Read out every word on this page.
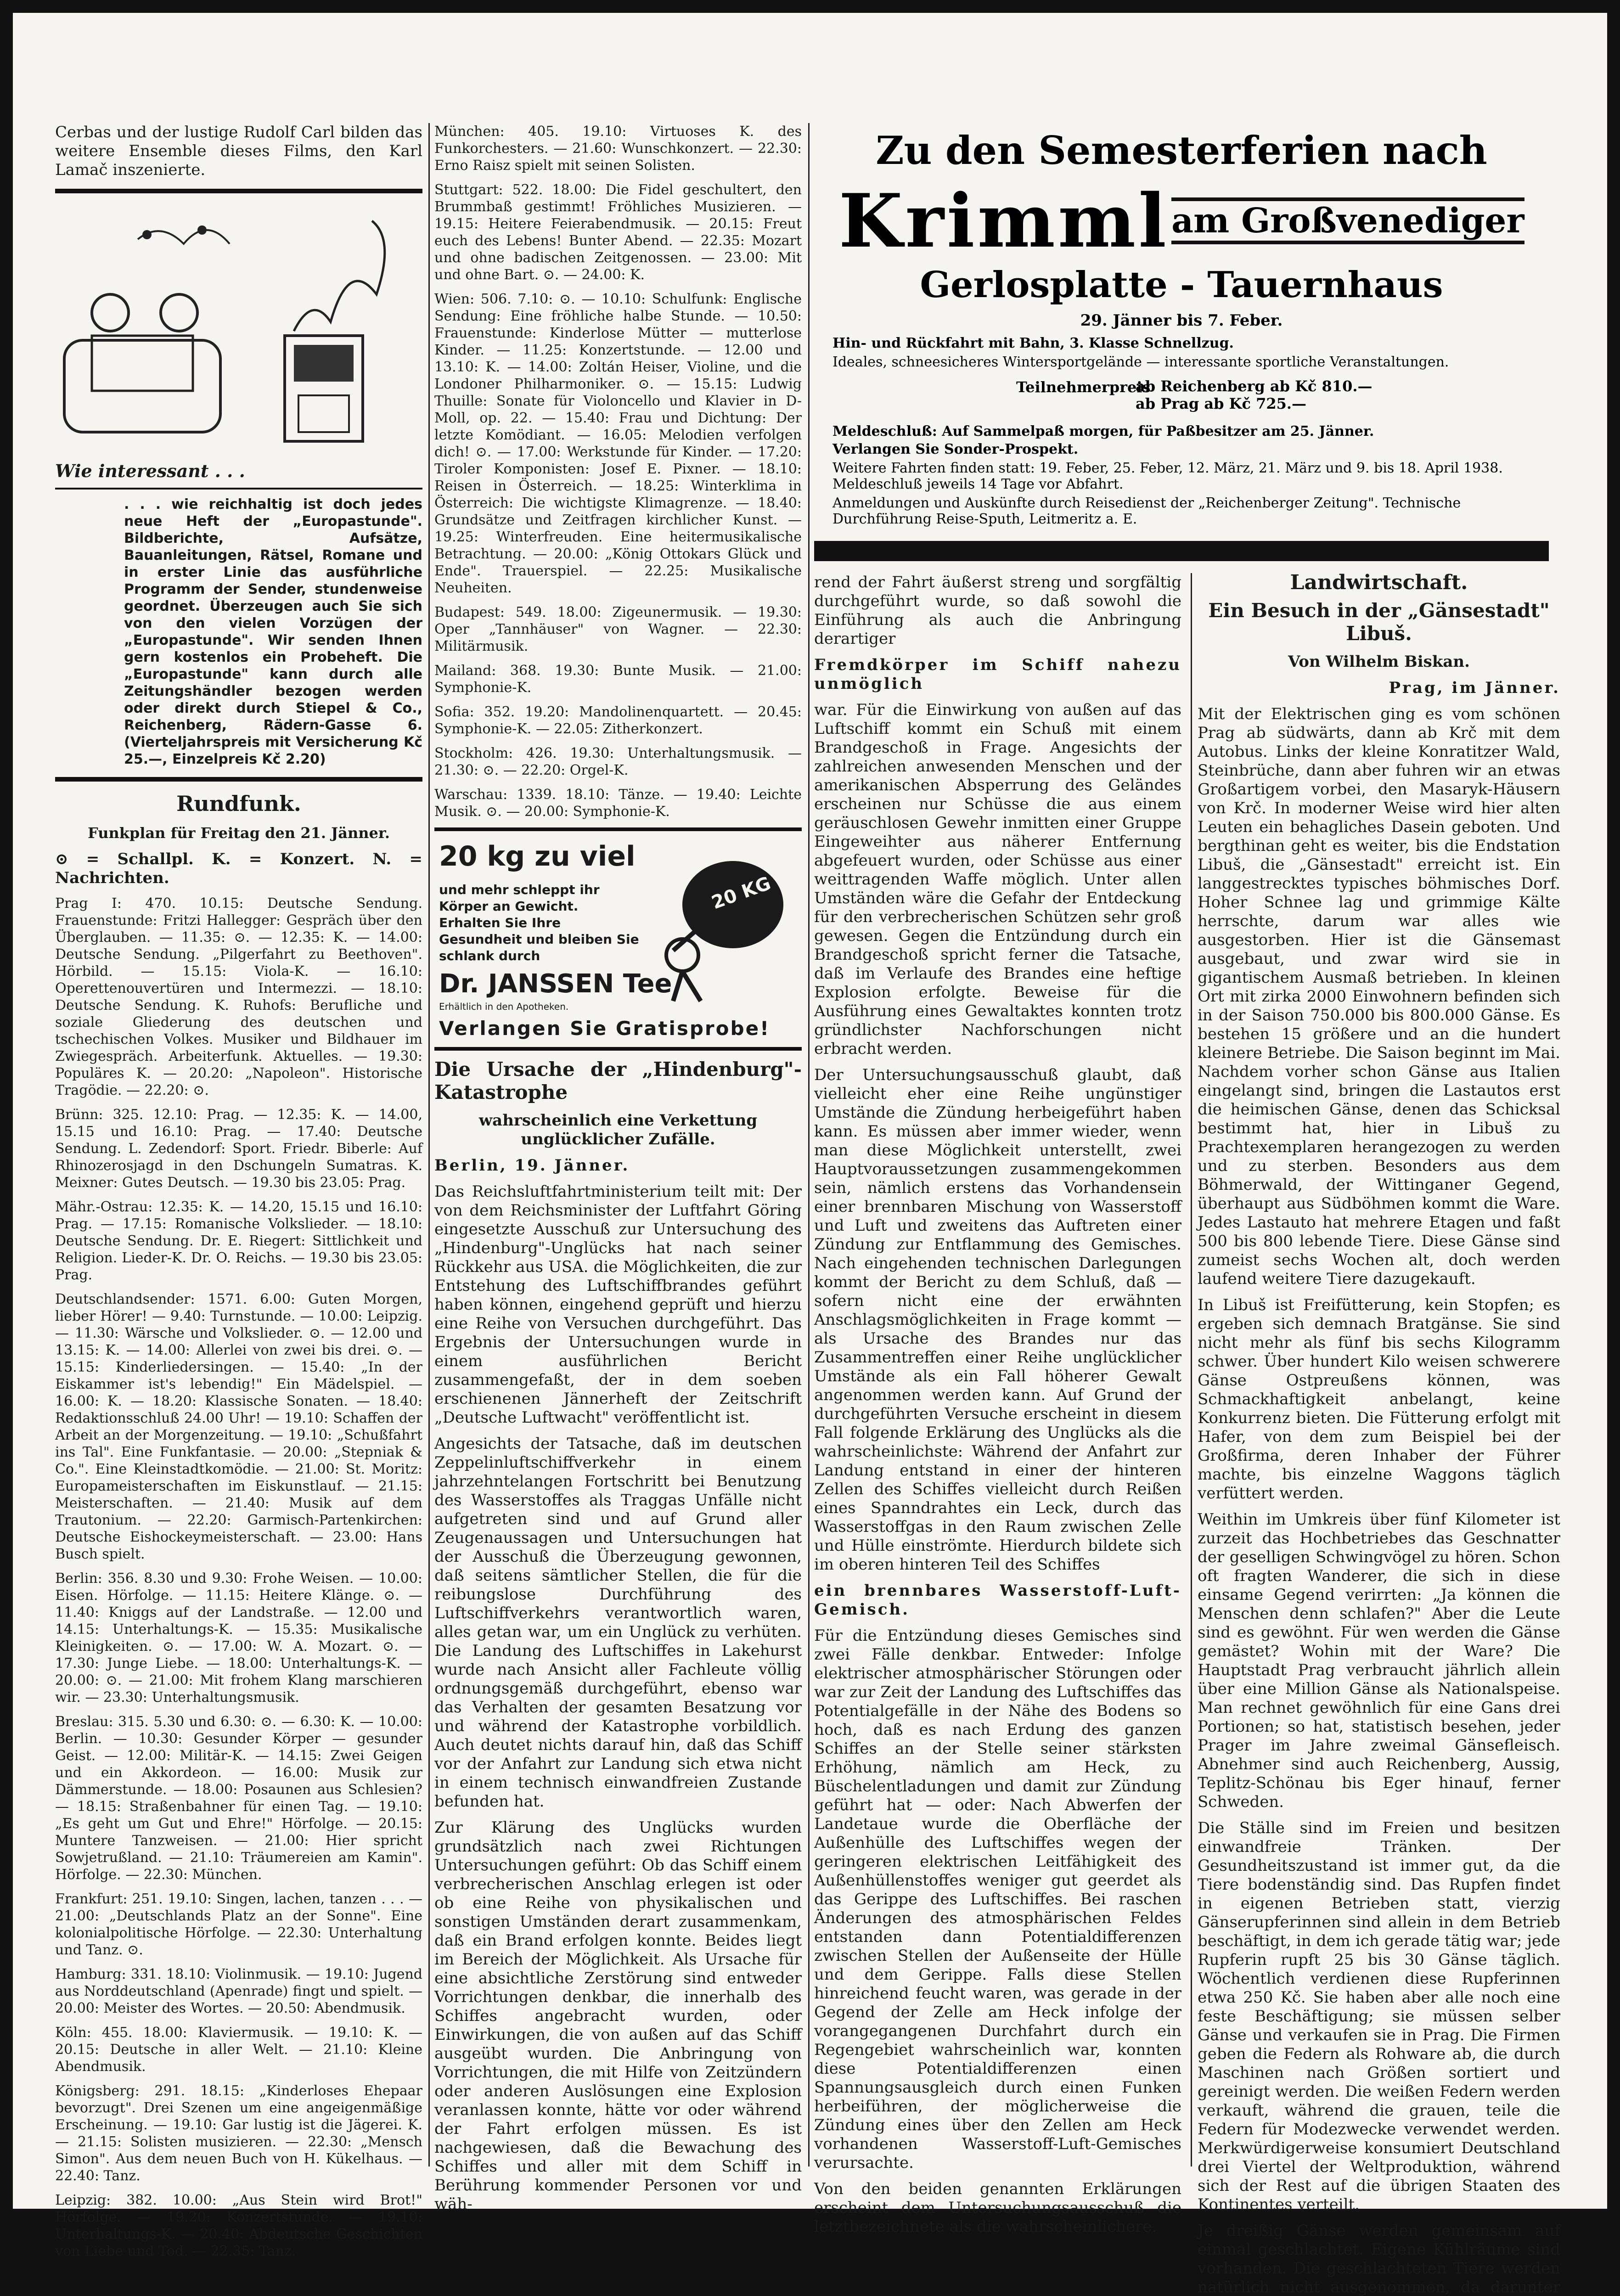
Cerbas und der lustige Rudolf Carl bilden das weitere Ensemble dieses Films, den Karl Lamač inszenierte.

Wie interessant . . .

. . . wie reichhaltig ist doch jedes neue Heft der „Europastunde". Bildberichte, Aufsätze, Bauanleitungen, Rätsel, Romane und in erster Linie das ausführliche Programm der Sender, stundenweise geordnet. Überzeugen auch Sie sich von den vielen Vorzügen der „Europastunde". Wir senden Ihnen gern kostenlos ein Probeheft. Die „Europastunde" kann durch alle Zeitungshändler bezogen werden oder direkt durch Stiepel & Co., Reichenberg, Rädern-Gasse 6. (Vierteljahrspreis mit Versicherung Kč 25.—, Einzelpreis Kč 2.20)

Rundfunk.

Funkplan für Freitag den 21. Jänner.

⊙ = Schallpl. K. = Konzert. N. = Nachrichten.

Prag I: 470. 10.15: Deutsche Sendung. Frauenstunde: Fritzi Hallegger: Gespräch über den Überglauben. — 11.35: ⊙. — 12.35: K. — 14.00: Deutsche Sendung. „Pilgerfahrt zu Beethoven". Hörbild. — 15.15: Viola-K. — 16.10: Operettenouvertüren und Intermezzi. — 18.10: Deutsche Sendung. K. Ruhofs: Berufliche und soziale Gliederung des deutschen und tschechischen Volkes. Musiker und Bildhauer im Zwiegespräch. Arbeiterfunk. Aktuelles. — 19.30: Populäres K. — 20.20: „Napoleon". Historische Tragödie. — 22.20: ⊙.

Brünn: 325. 12.10: Prag. — 12.35: K. — 14.00, 15.15 und 16.10: Prag. — 17.40: Deutsche Sendung. L. Zedendorf: Sport. Friedr. Biberle: Auf Rhinozerosjagd in den Dschungeln Sumatras. K. Meixner: Gutes Deutsch. — 19.30 bis 23.05: Prag.

Mähr.-Ostrau: 12.35: K. — 14.20, 15.15 und 16.10: Prag. — 17.15: Romanische Volkslieder. — 18.10: Deutsche Sendung. Dr. E. Riegert: Sittlichkeit und Religion. Lieder-K. Dr. O. Reichs. — 19.30 bis 23.05: Prag.

Deutschlandsender: 1571. 6.00: Guten Morgen, lieber Hörer! — 9.40: Turnstunde. — 10.00: Leipzig. — 11.30: Wärsche und Volkslieder. ⊙. — 12.00 und 13.15: K. — 14.00: Allerlei von zwei bis drei. ⊙. — 15.15: Kinderliedersingen. — 15.40: „In der Eiskammer ist's lebendig!" Ein Mädelspiel. — 16.00: K. — 18.20: Klassische Sonaten. — 18.40: Redaktionsschluß 24.00 Uhr! — 19.10: Schaffen der Arbeit an der Morgenzeitung. — 19.10: „Schußfahrt ins Tal". Eine Funkfantasie. — 20.00: „Stepniak & Co.". Eine Kleinstadtkomödie. — 21.00: St. Moritz: Europameisterschaften im Eiskunstlauf. — 21.15: Meisterschaften. — 21.40: Musik auf dem Trautonium. — 22.20: Garmisch-Partenkirchen: Deutsche Eishockeymeisterschaft. — 23.00: Hans Busch spielt.

Berlin: 356. 8.30 und 9.30: Frohe Weisen. — 10.00: Eisen. Hörfolge. — 11.15: Heitere Klänge. ⊙. — 11.40: Kniggs auf der Landstraße. — 12.00 und 14.15: Unterhaltungs-K. — 15.35: Musikalische Kleinigkeiten. ⊙. — 17.00: W. A. Mozart. ⊙. — 17.30: Junge Liebe. — 18.00: Unterhaltungs-K. — 20.00: ⊙. — 21.00: Mit frohem Klang marschieren wir. — 23.30: Unterhaltungsmusik.

Breslau: 315. 5.30 und 6.30: ⊙. — 6.30: K. — 10.00: Berlin. — 10.30: Gesunder Körper — gesunder Geist. — 12.00: Militär-K. — 14.15: Zwei Geigen und ein Akkordeon. — 16.00: Musik zur Dämmerstunde. — 18.00: Posaunen aus Schlesien? — 18.15: Straßenbahner für einen Tag. — 19.10: „Es geht um Gut und Ehre!" Hörfolge. — 20.15: Muntere Tanzweisen. — 21.00: Hier spricht Sowjetrußland. — 21.10: Träumereien am Kamin". Hörfolge. — 22.30: München.

Frankfurt: 251. 19.10: Singen, lachen, tanzen . . . — 21.00: „Deutschlands Platz an der Sonne". Eine kolonialpolitische Hörfolge. — 22.30: Unterhaltung und Tanz. ⊙.

Hamburg: 331. 18.10: Violinmusik. — 19.10: Jugend aus Norddeutschland (Apenrade) fingt und spielt. — 20.00: Meister des Wortes. — 20.50: Abendmusik.

Köln: 455. 18.00: Klaviermusik. — 19.10: K. — 20.15: Deutsche in aller Welt. — 21.10: Kleine Abendmusik.

Königsberg: 291. 18.15: „Kinderloses Ehepaar bevorzugt". Drei Szenen um eine angeigenmäßige Erscheinung. — 19.10: Gar lustig ist die Jägerei. K. — 21.15: Solisten musizieren. — 22.30: „Mensch Simon". Aus dem neuen Buch von H. Kükelhaus. — 22.40: Tanz.

Leipzig: 382. 10.00: „Aus Stein wird Brot!" Hörfolge. — 19.20: Konzertstunde. — 19.10: Unterhaltungs-K. — 20.40: Abdeutsche Geschichten von Liebe und Tod. — 22.35: Tanz.

München: 405. 19.10: Virtuoses K. des Funkorchesters. — 21.60: Wunschkonzert. — 22.30: Erno Raisz spielt mit seinen Solisten.

Stuttgart: 522. 18.00: Die Fidel geschultert, den Brummbaß gestimmt! Fröhliches Musizieren. — 19.15: Heitere Feierabendmusik. — 20.15: Freut euch des Lebens! Bunter Abend. — 22.35: Mozart und ohne badischen Zeitgenossen. — 23.00: Mit und ohne Bart. ⊙. — 24.00: K.

Wien: 506. 7.10: ⊙. — 10.10: Schulfunk: Englische Sendung: Eine fröhliche halbe Stunde. — 10.50: Frauenstunde: Kinderlose Mütter — mutterlose Kinder. — 11.25: Konzertstunde. — 12.00 und 13.10: K. — 14.00: Zoltán Heiser, Violine, und die Londoner Philharmoniker. ⊙. — 15.15: Ludwig Thuille: Sonate für Violoncello und Klavier in D-Moll, op. 22. — 15.40: Frau und Dichtung: Der letzte Komödiant. — 16.05: Melodien verfolgen dich! ⊙. — 17.00: Werkstunde für Kinder. — 17.20: Tiroler Komponisten: Josef E. Pixner. — 18.10: Reisen in Österreich. — 18.25: Winterklima in Österreich: Die wichtigste Klimagrenze. — 18.40: Grundsätze und Zeitfragen kirchlicher Kunst. — 19.25: Winterfreuden. Eine heitermusikalische Betrachtung. — 20.00: „König Ottokars Glück und Ende". Trauerspiel. — 22.25: Musikalische Neuheiten.

Budapest: 549. 18.00: Zigeunermusik. — 19.30: Oper „Tannhäuser" von Wagner. — 22.30: Militärmusik.

Mailand: 368. 19.30: Bunte Musik. — 21.00: Symphonie-K.

Sofia: 352. 19.20: Mandolinenquartett. — 20.45: Symphonie-K. — 22.05: Zitherkonzert.

Stockholm: 426. 19.30: Unterhaltungsmusik. — 21.30: ⊙. — 22.20: Orgel-K.

Warschau: 1339. 18.10: Tänze. — 19.40: Leichte Musik. ⊙. — 20.00: Symphonie-K.

20 kg zu viel
und mehr schleppt ihr Körper an Gewicht. Erhalten Sie Ihre Gesundheit und bleiben Sie schlank durch
Dr. JANSSEN Tee
Erhältlich in den Apotheken.
20 KG
Verlangen Sie Gratisprobe!

Die Ursache der „Hindenburg"-Katastrophe

wahrscheinlich eine Verkettung unglücklicher Zufälle.

Berlin, 19. Jänner.

Das Reichsluftfahrtministerium teilt mit: Der von dem Reichsminister der Luftfahrt Göring eingesetzte Ausschuß zur Untersuchung des „Hindenburg"-Unglücks hat nach seiner Rückkehr aus USA. die Möglichkeiten, die zur Entstehung des Luftschiffbrandes geführt haben können, eingehend geprüft und hierzu eine Reihe von Versuchen durchgeführt. Das Ergebnis der Untersuchungen wurde in einem ausführlichen Bericht zusammengefaßt, der in dem soeben erschienenen Jännerheft der Zeitschrift „Deutsche Luftwacht" veröffentlicht ist.

Angesichts der Tatsache, daß im deutschen Zeppelinluftschiffverkehr in einem jahrzehntelangen Fortschritt bei Benutzung des Wasserstoffes als Traggas Unfälle nicht aufgetreten sind und auf Grund aller Zeugenaussagen und Untersuchungen hat der Ausschuß die Überzeugung gewonnen, daß seitens sämtlicher Stellen, die für die reibungslose Durchführung des Luftschiffverkehrs verantwortlich waren, alles getan war, um ein Unglück zu verhüten. Die Landung des Luftschiffes in Lakehurst wurde nach Ansicht aller Fachleute völlig ordnungsgemäß durchgeführt, ebenso war das Verhalten der gesamten Besatzung vor und während der Katastrophe vorbildlich. Auch deutet nichts darauf hin, daß das Schiff vor der Anfahrt zur Landung sich etwa nicht in einem technisch einwandfreien Zustande befunden hat.

Zur Klärung des Unglücks wurden grundsätzlich nach zwei Richtungen Untersuchungen geführt: Ob das Schiff einem verbrecherischen Anschlag erlegen ist oder ob eine Reihe von physikalischen und sonstigen Umständen derart zusammenkam, daß ein Brand erfolgen konnte. Beides liegt im Bereich der Möglichkeit. Als Ursache für eine absichtliche Zerstörung sind entweder Vorrichtungen denkbar, die innerhalb des Schiffes angebracht wurden, oder Einwirkungen, die von außen auf das Schiff ausgeübt wurden. Die Anbringung von Vorrichtungen, die mit Hilfe von Zeitzündern oder anderen Auslösungen eine Explosion veranlassen konnte, hätte vor oder während der Fahrt erfolgen müssen. Es ist nachgewiesen, daß die Bewachung des Schiffes und aller mit dem Schiff in Berührung kommender Personen vor und wäh-

Zu den Semesterferien nach
Krimml am Großvenediger
Gerlosplatte - Tauernhaus
29. Jänner bis 7. Feber.
Hin- und Rückfahrt mit Bahn, 3. Klasse Schnellzug.
Ideales, schneesicheres Wintersportgelände — interessante sportliche Veranstaltungen.
Teilnehmerpreis
ab Reichenberg ab Kč 810.—
ab Prag ab Kč 725.—
Meldeschluß: Auf Sammelpaß morgen, für Paßbesitzer am 25. Jänner.
Verlangen Sie Sonder-Prospekt.
Weitere Fahrten finden statt: 19. Feber, 25. Feber, 12. März, 21. März und 9. bis 18. April 1938. Meldeschluß jeweils 14 Tage vor Abfahrt.
Anmeldungen und Auskünfte durch Reisedienst der „Reichenberger Zeitung". Technische Durchführung Reise-Sputh, Leitmeritz a. E.

rend der Fahrt äußerst streng und sorgfältig durchgeführt wurde, so daß sowohl die Einführung als auch die Anbringung derartiger

Fremdkörper im Schiff nahezu unmöglich

war. Für die Einwirkung von außen auf das Luftschiff kommt ein Schuß mit einem Brandgeschoß in Frage. Angesichts der zahlreichen anwesenden Menschen und der amerikanischen Absperrung des Geländes erscheinen nur Schüsse die aus einem geräuschlosen Gewehr inmitten einer Gruppe Eingeweihter aus näherer Entfernung abgefeuert wurden, oder Schüsse aus einer weittragenden Waffe möglich. Unter allen Umständen wäre die Gefahr der Entdeckung für den verbrecherischen Schützen sehr groß gewesen. Gegen die Entzündung durch ein Brandgeschoß spricht ferner die Tatsache, daß im Verlaufe des Brandes eine heftige Explosion erfolgte. Beweise für die Ausführung eines Gewaltaktes konnten trotz gründlichster Nachforschungen nicht erbracht werden.

Der Untersuchungsausschuß glaubt, daß vielleicht eher eine Reihe ungünstiger Umstände die Zündung herbeigeführt haben kann. Es müssen aber immer wieder, wenn man diese Möglichkeit unterstellt, zwei Hauptvoraussetzungen zusammengekommen sein, nämlich erstens das Vorhandensein einer brennbaren Mischung von Wasserstoff und Luft und zweitens das Auftreten einer Zündung zur Entflammung des Gemisches. Nach eingehenden technischen Darlegungen kommt der Bericht zu dem Schluß, daß — sofern nicht eine der erwähnten Anschlagsmöglichkeiten in Frage kommt — als Ursache des Brandes nur das Zusammentreffen einer Reihe unglücklicher Umstände als ein Fall höherer Gewalt angenommen werden kann. Auf Grund der durchgeführten Versuche erscheint in diesem Fall folgende Erklärung des Unglücks als die wahrscheinlichste: Während der Anfahrt zur Landung entstand in einer der hinteren Zellen des Schiffes vielleicht durch Reißen eines Spanndrahtes ein Leck, durch das Wasserstoffgas in den Raum zwischen Zelle und Hülle einströmte. Hierdurch bildete sich im oberen hinteren Teil des Schiffes

ein brennbares Wasserstoff-Luft-Gemisch.

Für die Entzündung dieses Gemisches sind zwei Fälle denkbar. Entweder: Infolge elektrischer atmosphärischer Störungen oder war zur Zeit der Landung des Luftschiffes das Potentialgefälle in der Nähe des Bodens so hoch, daß es nach Erdung des ganzen Schiffes an der Stelle seiner stärksten Erhöhung, nämlich am Heck, zu Büschelentladungen und damit zur Zündung geführt hat — oder: Nach Abwerfen der Landetaue wurde die Oberfläche der Außenhülle des Luftschiffes wegen der geringeren elektrischen Leitfähigkeit des Außenhüllenstoffes weniger gut geerdet als das Gerippe des Luftschiffes. Bei raschen Änderungen des atmosphärischen Feldes entstanden dann Potentialdifferenzen zwischen Stellen der Außenseite der Hülle und dem Gerippe. Falls diese Stellen hinreichend feucht waren, was gerade in der Gegend der Zelle am Heck infolge der vorangegangenen Durchfahrt durch ein Regengebiet wahrscheinlich war, konnten diese Potentialdifferenzen einen Spannungsausgleich durch einen Funken herbeiführen, der möglicherweise die Zündung eines über den Zellen am Heck vorhandenen Wasserstoff-Luft-Gemisches verursachte.

Von den beiden genannten Erklärungen erscheint dem Untersuchungsausschuß die letztbezeichnete als die wahrscheinlichere.

Landwirtschaft.

Ein Besuch in der „Gänsestadt" Libuš.

Von Wilhelm Biskan.

Prag, im Jänner.

Mit der Elektrischen ging es vom schönen Prag ab südwärts, dann ab Krč mit dem Autobus. Links der kleine Konratitzer Wald, Steinbrüche, dann aber fuhren wir an etwas Großartigem vorbei, den Masaryk-Häusern von Krč. In moderner Weise wird hier alten Leuten ein behagliches Dasein geboten. Und bergthinan geht es weiter, bis die Endstation Libuš, die „Gänsestadt" erreicht ist. Ein langgestrecktes typisches böhmisches Dorf. Hoher Schnee lag und grimmige Kälte herrschte, darum war alles wie ausgestorben. Hier ist die Gänsemast ausgebaut, und zwar wird sie in gigantischem Ausmaß betrieben. In kleinen Ort mit zirka 2000 Einwohnern befinden sich in der Saison 750.000 bis 800.000 Gänse. Es bestehen 15 größere und an die hundert kleinere Betriebe. Die Saison beginnt im Mai. Nachdem vorher schon Gänse aus Italien eingelangt sind, bringen die Lastautos erst die heimischen Gänse, denen das Schicksal bestimmt hat, hier in Libuš zu Prachtexemplaren herangezogen zu werden und zu sterben. Besonders aus dem Böhmerwald, der Wittinganer Gegend, überhaupt aus Südböhmen kommt die Ware. Jedes Lastauto hat mehrere Etagen und faßt 500 bis 800 lebende Tiere. Diese Gänse sind zumeist sechs Wochen alt, doch werden laufend weitere Tiere dazugekauft.

In Libuš ist Freifütterung, kein Stopfen; es ergeben sich demnach Bratgänse. Sie sind nicht mehr als fünf bis sechs Kilogramm schwer. Über hundert Kilo weisen schwerere Gänse Ostpreußens können, was Schmackhaftigkeit anbelangt, keine Konkurrenz bieten. Die Fütterung erfolgt mit Hafer, von dem zum Beispiel bei der Großfirma, deren Inhaber der Führer machte, bis einzelne Waggons täglich verfüttert werden.

Weithin im Umkreis über fünf Kilometer ist zurzeit das Hochbetriebes das Geschnatter der geselligen Schwingvögel zu hören. Schon oft fragten Wanderer, die sich in diese einsame Gegend verirrten: „Ja können die Menschen denn schlafen?" Aber die Leute sind es gewöhnt. Für wen werden die Gänse gemästet? Wohin mit der Ware? Die Hauptstadt Prag verbraucht jährlich allein über eine Million Gänse als Nationalspeise. Man rechnet gewöhnlich für eine Gans drei Portionen; so hat, statistisch besehen, jeder Prager im Jahre zweimal Gänsefleisch. Abnehmer sind auch Reichenberg, Aussig, Teplitz-Schönau bis Eger hinauf, ferner Schweden.

Die Ställe sind im Freien und besitzen einwandfreie Tränken. Der Gesundheitszustand ist immer gut, da die Tiere bodenständig sind. Das Rupfen findet in eigenen Betrieben statt, vierzig Gänserupferinnen sind allein in dem Betrieb beschäftigt, in dem ich gerade tätig war; jede Rupferin rupft 25 bis 30 Gänse täglich. Wöchentlich verdienen diese Rupferinnen etwa 250 Kč. Sie haben aber alle noch eine feste Beschäftigung; sie müssen selber Gänse und verkaufen sie in Prag. Die Firmen geben die Federn als Rohware ab, die durch Maschinen nach Größen sortiert und gereinigt werden. Die weißen Federn werden verkauft, während die grauen, teile die Federn für Modezwecke verwendet werden. Merkwürdigerweise konsumiert Deutschland drei Viertel der Weltproduktion, während sich der Rest auf die übrigen Staaten des Kontinentes verteilt.

Je dreißig Gänse werden gemeinsam auf einmal geschlachtet. Eigene Kühlräume sind vorhanden. Die geschlachteten Tiere werden natürlich nicht ausgenommen, da darunter
